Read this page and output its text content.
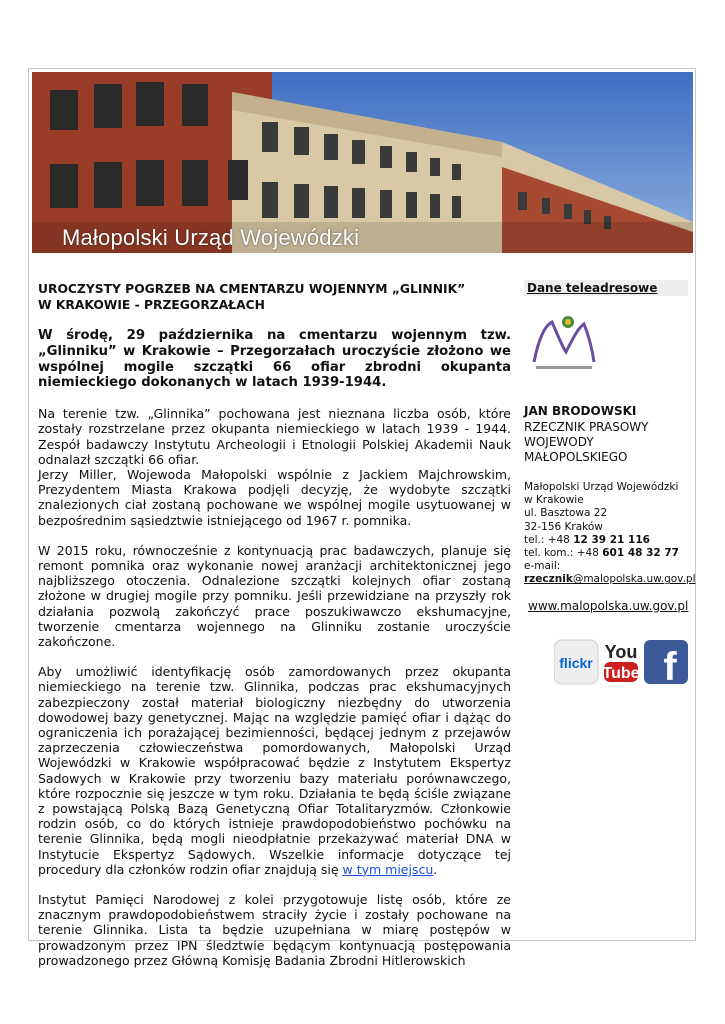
Małopolski Urząd Wojewódzki
UROCZYSTY POGRZEB NA CMENTARZU WOJENNYM „GLINNIK”
W KRAKOWIE - PRZEGORZAŁACH

W środę, 29 października na cmentarzu wojennym tzw. „Glinniku” w Krakowie – Przegorzałach uroczyście złożono we wspólnej mogile szczątki 66 ofiar zbrodni okupanta niemieckiego dokonanych w latach 1939-1944.

Na terenie tzw. „Glinnika” pochowana jest nieznana liczba osób, które zostały rozstrzelane przez okupanta niemieckiego w latach 1939 - 1944. Zespół badawczy Instytutu Archeologii i Etnologii Polskiej Akademii Nauk odnalazł szczątki 66 ofiar.

Jerzy Miller, Wojewoda Małopolski wspólnie z Jackiem Majchrowskim, Prezydentem Miasta Krakowa podjęli decyzję, że wydobyte szczątki znalezionych ciał zostaną pochowane we wspólnej mogile usytuowanej w bezpośrednim sąsiedztwie istniejącego od 1967 r. pomnika.

W 2015 roku, równocześnie z kontynuacją prac badawczych, planuje się remont pomnika oraz wykonanie nowej aranżacji architektonicznej jego najbliższego otoczenia. Odnalezione szczątki kolejnych ofiar zostaną złożone w drugiej mogile przy pomniku. Jeśli przewidziane na przyszły rok działania pozwolą zakończyć prace poszukiwawczo ekshumacyjne, tworzenie cmentarza wojennego na Glinniku zostanie uroczyście zakończone.

Aby umożliwić identyfikację osób zamordowanych przez okupanta niemieckiego na terenie tzw. Glinnika, podczas prac ekshumacyjnych zabezpieczony został materiał biologiczny niezbędny do utworzenia dowodowej bazy genetycznej. Mając na względzie pamięć ofiar i dążąc do ograniczenia ich porażającej bezimienności, będącej jednym z przejawów zaprzeczenia człowieczeństwa pomordowanych, Małopolski Urząd Wojewódzki w Krakowie współpracować będzie z Instytutem Ekspertyz Sadowych w Krakowie przy tworzeniu bazy materiału porównawczego, które rozpocznie się jeszcze w tym roku. Działania te będą ściśle związane z powstającą Polską Bazą Genetyczną Ofiar Totalitaryzmów. Członkowie rodzin osób, co do których istnieje prawdopodobieństwo pochówku na terenie Glinnika, będą mogli nieodpłatnie przekazywać materiał DNA w Instytucie Ekspertyz Sądowych. Wszelkie informacje dotyczące tej procedury dla członków rodzin ofiar znajdują się w tym miejscu.

Instytut Pamięci Narodowej z kolei przygotowuje listę osób, które ze znacznym prawdopodobieństwem straciły życie i zostały pochowane na terenie Glinnika. Lista ta będzie uzupełniana w miarę postępów w prowadzonym przez IPN śledztwie będącym kontynuacją postępowania prowadzonego przez Główną Komisję Badania Zbrodni Hitlerowskich

Dane teleadresowe
JAN BRODOWSKI
RZECZNIK PRASOWY
WOJEWODY
MAŁOPOLSKIEGO
Małopolski Urząd Wojewódzki
w Krakowie
ul. Basztowa 22
32-156 Kraków
tel.: +48 12 39 21 116
tel. kom.: +48 601 48 32 77
e-mail:
rzecznik@malopolska.uw.gov.pl
www.malopolska.uw.gov.pl
flickr
You
Tube f
